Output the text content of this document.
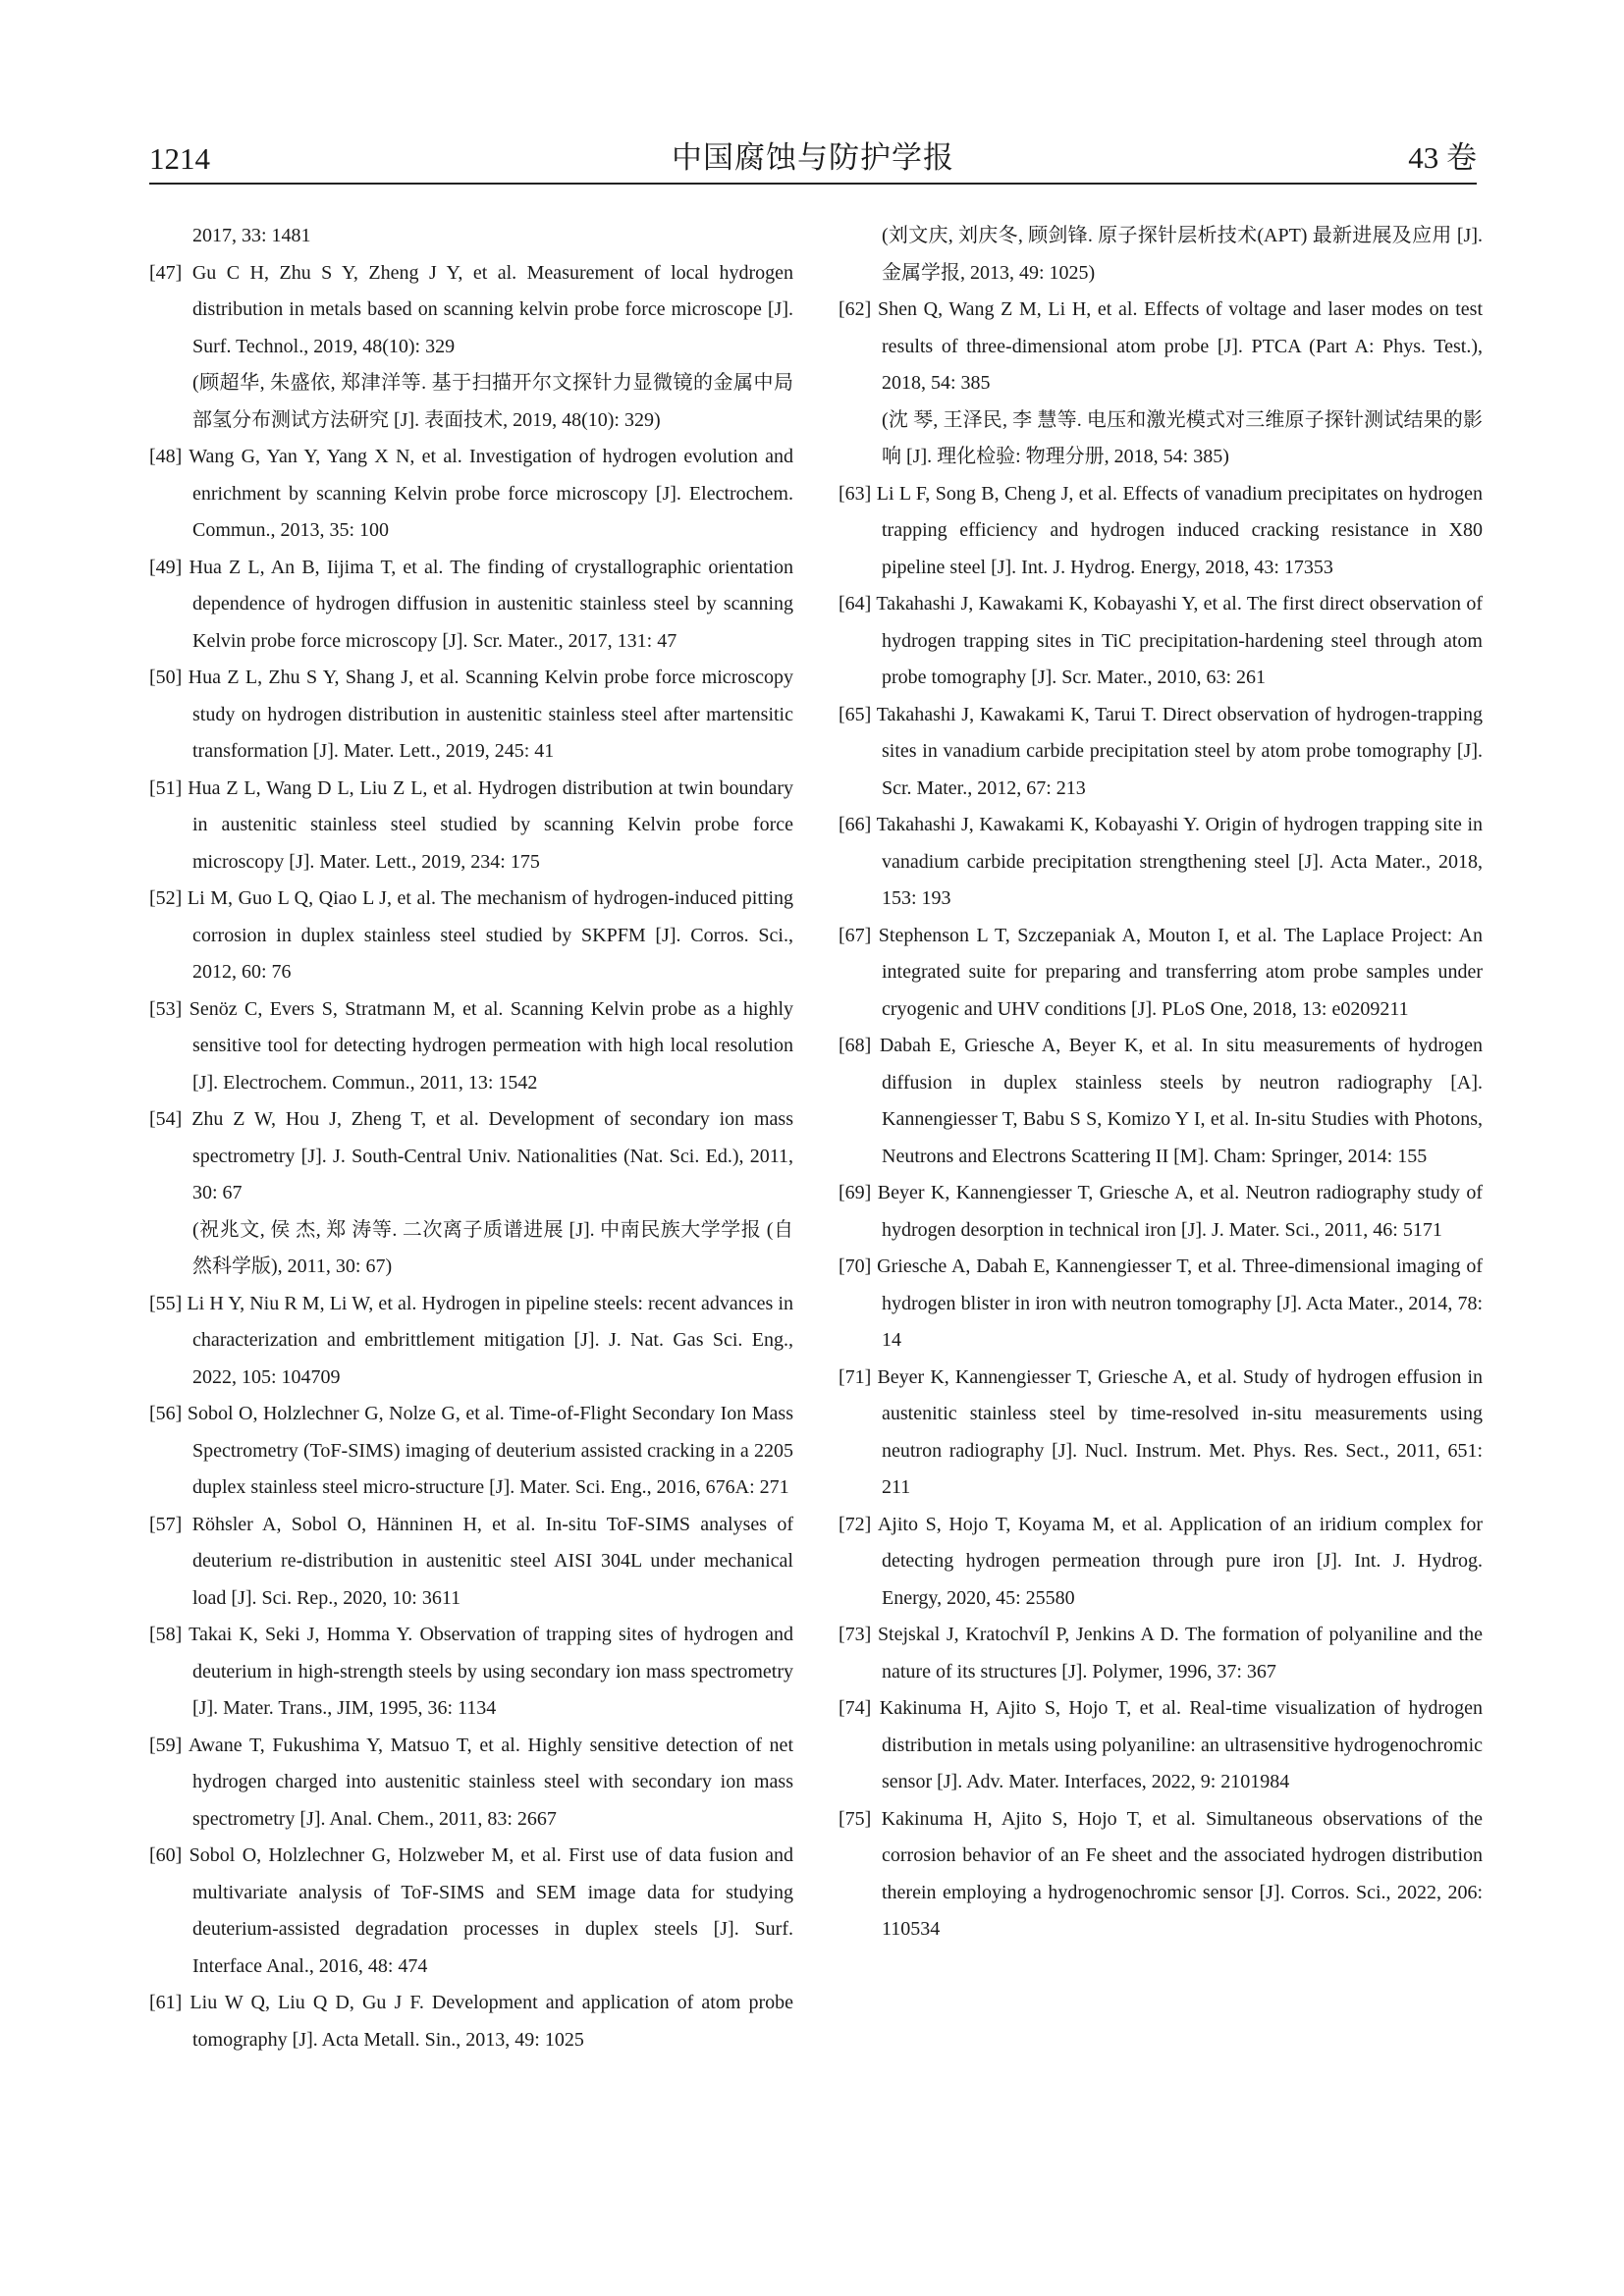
1214	中国腐蚀与防护学报	43 卷

2017, 33: 1481

[47] Gu C H, Zhu S Y, Zheng J Y, et al. Measurement of local hydrogen distribution in metals based on scanning kelvin probe force microscope [J]. Surf. Technol., 2019, 48(10): 329
(顾超华, 朱盛依, 郑津洋等. 基于扫描开尔文探针力显微镜的金属中局部氢分布测试方法研究 [J]. 表面技术, 2019, 48(10): 329)

[48] Wang G, Yan Y, Yang X N, et al. Investigation of hydrogen evolution and enrichment by scanning Kelvin probe force microscopy [J]. Electrochem. Commun., 2013, 35: 100

[49] Hua Z L, An B, Iijima T, et al. The finding of crystallographic orientation dependence of hydrogen diffusion in austenitic stainless steel by scanning Kelvin probe force microscopy [J]. Scr. Mater., 2017, 131: 47

[50] Hua Z L, Zhu S Y, Shang J, et al. Scanning Kelvin probe force microscopy study on hydrogen distribution in austenitic stainless steel after martensitic transformation [J]. Mater. Lett., 2019, 245: 41

[51] Hua Z L, Wang D L, Liu Z L, et al. Hydrogen distribution at twin boundary in austenitic stainless steel studied by scanning Kelvin probe force microscopy [J]. Mater. Lett., 2019, 234: 175

[52] Li M, Guo L Q, Qiao L J, et al. The mechanism of hydrogen-induced pitting corrosion in duplex stainless steel studied by SKPFM [J]. Corros. Sci., 2012, 60: 76

[53] Senöz C, Evers S, Stratmann M, et al. Scanning Kelvin probe as a highly sensitive tool for detecting hydrogen permeation with high local resolution [J]. Electrochem. Commun., 2011, 13: 1542

[54] Zhu Z W, Hou J, Zheng T, et al. Development of secondary ion mass spectrometry [J]. J. South-Central Univ. Nationalities (Nat. Sci. Ed.), 2011, 30: 67
(祝兆文, 侯 杰, 郑 涛等. 二次离子质谱进展 [J]. 中南民族大学学报 (自然科学版), 2011, 30: 67)

[55] Li H Y, Niu R M, Li W, et al. Hydrogen in pipeline steels: recent advances in characterization and embrittlement mitigation [J]. J. Nat. Gas Sci. Eng., 2022, 105: 104709

[56] Sobol O, Holzlechner G, Nolze G, et al. Time-of-Flight Secondary Ion Mass Spectrometry (ToF-SIMS) imaging of deuterium assisted cracking in a 2205 duplex stainless steel micro-structure [J]. Mater. Sci. Eng., 2016, 676A: 271

[57] Röhsler A, Sobol O, Hänninen H, et al. In-situ ToF-SIMS analyses of deuterium re-distribution in austenitic steel AISI 304L under mechanical load [J]. Sci. Rep., 2020, 10: 3611

[58] Takai K, Seki J, Homma Y. Observation of trapping sites of hydrogen and deuterium in high-strength steels by using secondary ion mass spectrometry [J]. Mater. Trans., JIM, 1995, 36: 1134

[59] Awane T, Fukushima Y, Matsuo T, et al. Highly sensitive detection of net hydrogen charged into austenitic stainless steel with secondary ion mass spectrometry [J]. Anal. Chem., 2011, 83: 2667

[60] Sobol O, Holzlechner G, Holzweber M, et al. First use of data fusion and multivariate analysis of ToF-SIMS and SEM image data for studying deuterium-assisted degradation processes in duplex steels [J]. Surf. Interface Anal., 2016, 48: 474

[61] Liu W Q, Liu Q D, Gu J F. Development and application of atom probe tomography [J]. Acta Metall. Sin., 2013, 49: 1025

(刘文庆, 刘庆冬, 顾剑锋. 原子探针层析技术(APT) 最新进展及应用 [J]. 金属学报, 2013, 49: 1025)

[62] Shen Q, Wang Z M, Li H, et al. Effects of voltage and laser modes on test results of three-dimensional atom probe [J]. PTCA (Part A: Phys. Test.), 2018, 54: 385
(沈 琴, 王泽民, 李 慧等. 电压和激光模式对三维原子探针测试结果的影响 [J]. 理化检验: 物理分册, 2018, 54: 385)

[63] Li L F, Song B, Cheng J, et al. Effects of vanadium precipitates on hydrogen trapping efficiency and hydrogen induced cracking resistance in X80 pipeline steel [J]. Int. J. Hydrog. Energy, 2018, 43: 17353

[64] Takahashi J, Kawakami K, Kobayashi Y, et al. The first direct observation of hydrogen trapping sites in TiC precipitation-hardening steel through atom probe tomography [J]. Scr. Mater., 2010, 63: 261

[65] Takahashi J, Kawakami K, Tarui T. Direct observation of hydrogen-trapping sites in vanadium carbide precipitation steel by atom probe tomography [J]. Scr. Mater., 2012, 67: 213

[66] Takahashi J, Kawakami K, Kobayashi Y. Origin of hydrogen trapping site in vanadium carbide precipitation strengthening steel [J]. Acta Mater., 2018, 153: 193

[67] Stephenson L T, Szczepaniak A, Mouton I, et al. The Laplace Project: An integrated suite for preparing and transferring atom probe samples under cryogenic and UHV conditions [J]. PLoS One, 2018, 13: e0209211

[68] Dabah E, Griesche A, Beyer K, et al. In situ measurements of hydrogen diffusion in duplex stainless steels by neutron radiography [A]. Kannengiesser T, Babu S S, Komizo Y I, et al. In-situ Studies with Photons, Neutrons and Electrons Scattering II [M]. Cham: Springer, 2014: 155

[69] Beyer K, Kannengiesser T, Griesche A, et al. Neutron radiography study of hydrogen desorption in technical iron [J]. J. Mater. Sci., 2011, 46: 5171

[70] Griesche A, Dabah E, Kannengiesser T, et al. Three-dimensional imaging of hydrogen blister in iron with neutron tomography [J]. Acta Mater., 2014, 78: 14

[71] Beyer K, Kannengiesser T, Griesche A, et al. Study of hydrogen effusion in austenitic stainless steel by time-resolved in-situ measurements using neutron radiography [J]. Nucl. Instrum. Met. Phys. Res. Sect., 2011, 651: 211

[72] Ajito S, Hojo T, Koyama M, et al. Application of an iridium complex for detecting hydrogen permeation through pure iron [J]. Int. J. Hydrog. Energy, 2020, 45: 25580

[73] Stejskal J, Kratochvíl P, Jenkins A D. The formation of polyaniline and the nature of its structures [J]. Polymer, 1996, 37: 367

[74] Kakinuma H, Ajito S, Hojo T, et al. Real-time visualization of hydrogen distribution in metals using polyaniline: an ultrasensitive hydrogenochromic sensor [J]. Adv. Mater. Interfaces, 2022, 9: 2101984

[75] Kakinuma H, Ajito S, Hojo T, et al. Simultaneous observations of the corrosion behavior of an Fe sheet and the associated hydrogen distribution therein employing a hydrogenochromic sensor [J]. Corros. Sci., 2022, 206: 110534
